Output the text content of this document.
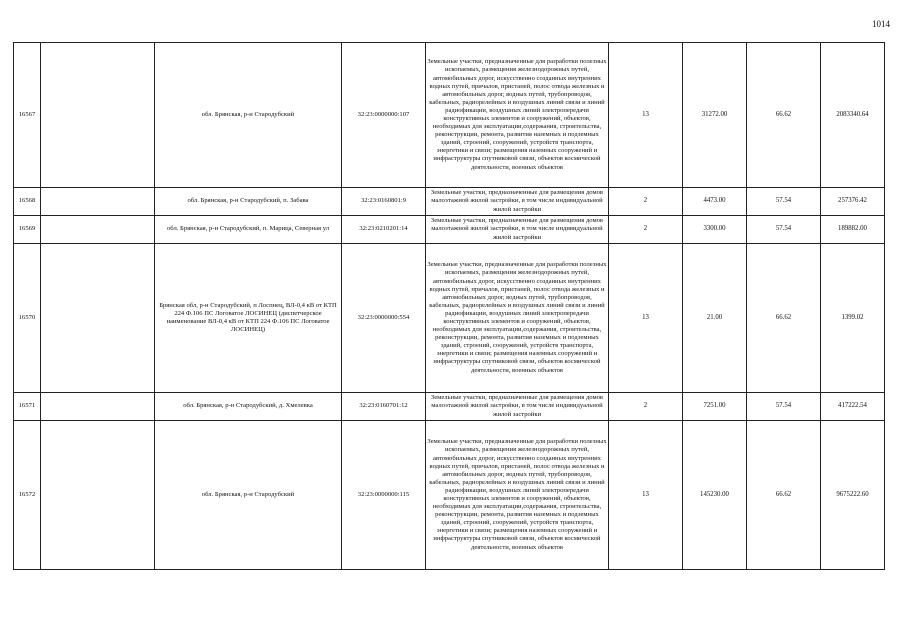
1014
16567		обл. Брянская, р-н Стародубский	32:23:0000000:107	Земельные участки, предназначенные для разработки полезных ископаемых, размещения железнодорожных путей, автомобильных дорог, искусственно созданных внутренних водных путей, причалов, пристаней, полос отвода железных и автомобильных дорог, водных путей, трубопроводов, кабельных, радиорелейных и воздушных линий связи и линий радиофикации, воздушных линий электропередачи конструктивных элементов и сооружений, объектов, необходимых для эксплуатации,содержания, строительства, реконструкции, ремонта, развития наземных и подземных зданий, строений, сооружений, устройств транспорта, энергетики и связи; размещения наземных сооружений и инфраструктуры спутниковой связи, объектов космической деятельности, военных объектов	13	31272.00	66.62	2083340.64
16568		обл. Брянская, р-н Стародубский, п. Забава	32:23:0160801:9	Земельные участки, предназначенные для размещения домов малоэтажной жилой застройки, в том числе индивидуальной жилой застройки	2	4473.00	57.54	257376.42
16569		обл. Брянская, р-н Стародубский, п. Марица, Северная ул	32:23:0210201:14	Земельные участки, предназначенные для размещения домов малоэтажной жилой застройки, в том числе индивидуальной жилой застройки	2	3300.00	57.54	189882.00
16570		Брянская обл, р-н Стародубский, п Лоспнец, ВЛ-0,4 кВ от КТП 224 Ф.106 ПС Логоватое ЛОСИНЕЦ (диспетчерское наименование ВЛ-0,4 кВ от КТП 224 Ф.106 ПС Логоватое ЛОСИНЕЦ)	32:23:0000000:554	Земельные участки, предназначенные для разработки полезных ископаемых, размещения железнодорожных путей, автомобильных дорог, искусственно созданных внутренних водных путей, причалов, пристаней, полос отвода железных и автомобильных дорог, водных путей, трубопроводов, кабельных, радиорелейных и воздушных линий связи и линий радиофикации, воздушных линий электропередачи конструктивных элементов и сооружений, объектов, необходимых для эксплуатации,содержания, строительства, реконструкции, ремонта, развития наземных и подземных зданий, строений, сооружений, устройств транспорта, энергетики и связи; размещения наземных сооружений и инфраструктуры спутниковой связи, объектов космической деятельности, военных объектов	13	21.00	66.62	1399.02
16571		обл. Брянская, р-н Стародубский, д. Хмелевка	32:23:0160701:12	Земельные участки, предназначенные для размещения домов малоэтажной жилой застройки, в том числе индивидуальной жилой застройки	2	7251.00	57.54	417222.54
16572		обл. Брянская, р-н Стародубский	32:23:0000000:115	Земельные участки, предназначенные для разработки полезных ископаемых, размещения железнодорожных путей, автомобильных дорог, искусственно созданных внутренних водных путей, причалов, пристаней, полос отвода железных и автомобильных дорог, водных путей, трубопроводов, кабельных, радиорелейных и воздушных линий связи и линий радиофикации, воздушных линий электропередачи конструктивных элементов и сооружений, объектов, необходимых для эксплуатации,содержания, строительства, реконструкции, ремонта, развития наземных и подземных зданий, строений, сооружений, устройств транспорта, энергетики и связи; размещения наземных сооружений и инфраструктуры спутниковой связи, объектов космической деятельности, военных объектов	13	145230.00	66.62	9675222.60
